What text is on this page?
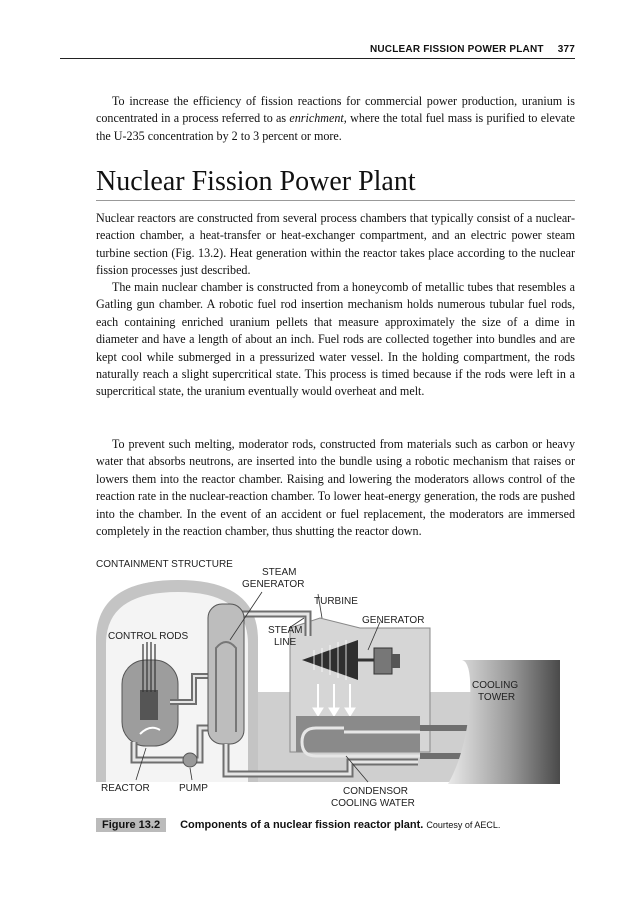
NUCLEAR FISSION POWER PLANT 377

To increase the efficiency of fission reactions for commercial power production, uranium is concentrated in a process referred to as enrichment, where the total fuel mass is purified to elevate the U-235 concentration by 2 to 3 percent or more.

Nuclear Fission Power Plant

Nuclear reactors are constructed from several process chambers that typically consist of a nuclear-reaction chamber, a heat-transfer or heat-exchanger compartment, and an electric power steam turbine section (Fig. 13.2). Heat generation within the reactor takes place according to the nuclear fission processes just described.

The main nuclear chamber is constructed from a honeycomb of metallic tubes that resembles a Gatling gun chamber. A robotic fuel rod insertion mechanism holds numerous tubular fuel rods, each containing enriched uranium pellets that measure approximately the size of a dime in diameter and have a length of about an inch. Fuel rods are collected together into bundles and are kept cool while submerged in a pressurized water vessel. In the holding compartment, the rods naturally reach a slight supercritical state. This process is timed because if the rods were left in a supercritical state, the uranium eventually would overheat and melt.

To prevent such melting, moderator rods, constructed from materials such as carbon or heavy water that absorbs neutrons, are inserted into the bundle using a robotic mechanism that raises or lowers them into the reactor chamber. Raising and lowering the moderators allows control of the reaction rate in the nuclear-reaction chamber. To lower heat-energy generation, the rods are pushed into the chamber. In the event of an accident or fuel replacement, the moderators are immersed completely in the reaction chamber, thus shutting the reactor down.

CONTAINMENT STRUCTURE
STEAM
GENERATOR
TURBINE
GENERATOR
CONTROL RODS
STEAM
LINE
COOLING
TOWER
REACTOR	PUMP	CONDENSOR
COOLING WATER
Figure 13.2 Components of a nuclear fission reactor plant. Courtesy of AECL.
